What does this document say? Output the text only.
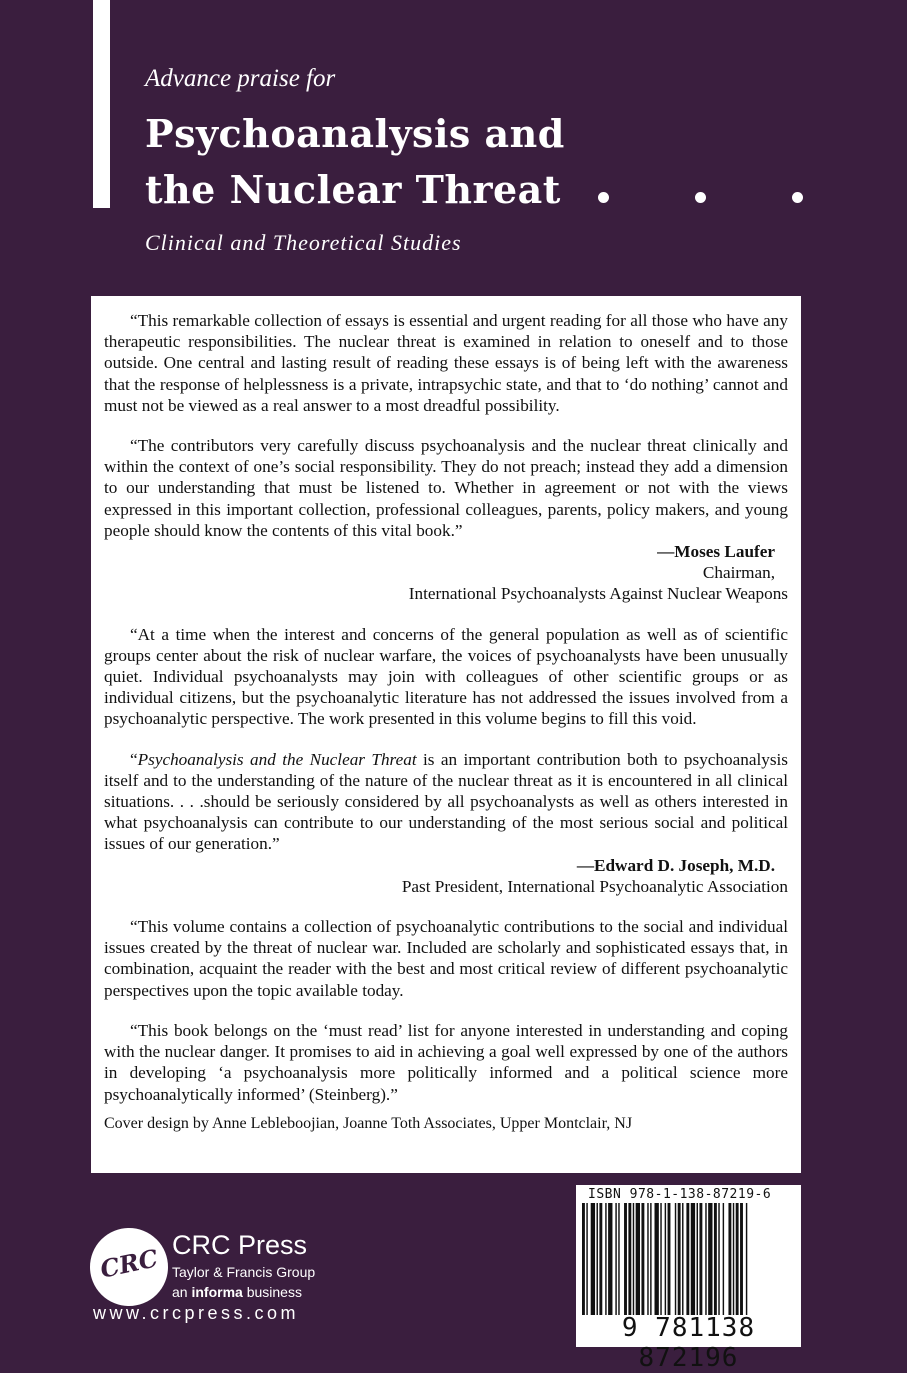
Advance praise for
Psychoanalysis and
the Nuclear Threat
Clinical and Theoretical Studies

“This remarkable collection of essays is essential and urgent reading for all those who have any therapeutic responsibilities. The nuclear threat is examined in relation to oneself and to those outside. One central and lasting result of reading these essays is of being left with the awareness that the response of helplessness is a private, intrapsychic state, and that to ‘do nothing’ cannot and must not be viewed as a real answer to a most dreadful possibility.

“The contributors very carefully discuss psychoanalysis and the nuclear threat clinically and within the context of one’s social responsibility. They do not preach; instead they add a dimension to our understanding that must be listened to. Whether in agreement or not with the views expressed in this important collection, professional colleagues, parents, policy makers, and young people should know the contents of this vital book.”

—Moses Laufer

Chairman,

International Psychoanalysts Against Nuclear Weapons

“At a time when the interest and concerns of the general population as well as of scientific groups center about the risk of nuclear warfare, the voices of psychoanalysts have been unusually quiet. Individual psychoanalysts may join with colleagues of other scientific groups or as individual citizens, but the psychoanalytic literature has not addressed the issues involved from a psychoanalytic perspective. The work presented in this volume begins to fill this void.

“Psychoanalysis and the Nuclear Threat is an important contribution both to psychoanalysis itself and to the understanding of the nature of the nuclear threat as it is encountered in all clinical situations. . . .should be seriously considered by all psychoanalysts as well as others interested in what psychoanalysis can contribute to our understanding of the most serious social and political issues of our generation.”

—Edward D. Joseph, M.D.

Past President, International Psychoanalytic Association

“This volume contains a collection of psychoanalytic contributions to the social and individual issues created by the threat of nuclear war. Included are scholarly and sophisticated essays that, in combination, acquaint the reader with the best and most critical review of different psychoanalytic perspectives upon the topic available today.

“This book belongs on the ‘must read’ list for anyone interested in understanding and coping with the nuclear danger. It promises to aid in achieving a goal well expressed by one of the authors in developing ‘a psychoanalysis more politically informed and a political science more psychoanalytically informed’ (Steinberg).”

Cover design by Anne Lebleboojian, Joanne Toth Associates, Upper Montclair, NJ
ISBN 978-1-138-87219-6
9 781138 872196
CRC CRC Press
Taylor & Francis Group
an informa business
www.crcpress.com
